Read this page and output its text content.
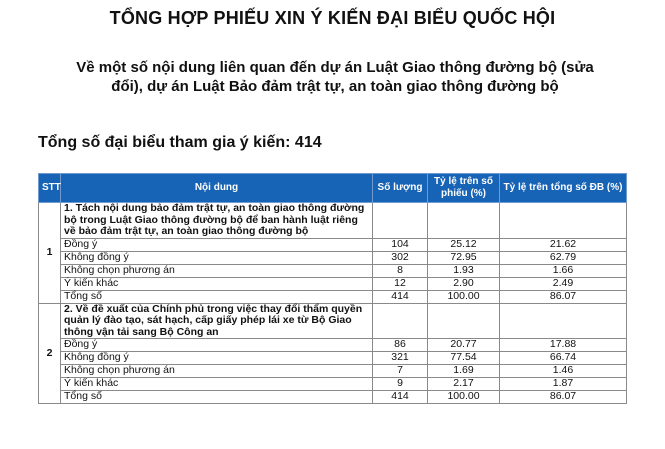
TỔNG HỢP PHIẾU XIN Ý KIẾN ĐẠI BIỂU QUỐC HỘI
Về một số nội dung liên quan đến dự án Luật Giao thông đường bộ (sửa
đổi), dự án Luật Bảo đảm trật tự, an toàn giao thông đường bộ
Tổng số đại biểu tham gia ý kiến: 414
STT	Nội dung	Số lượng	Tỷ lệ trên số phiếu (%)	Tỷ lệ trên tổng số ĐB (%)
1	1. Tách nội dung bảo đảm trật tự, an toàn giao thông đường bộ trong Luật Giao thông đường bộ để ban hành luật riêng về bảo đảm trật tự, an toàn giao thông đường bộ			
	Đồng ý	104	25.12	21.62
	Không đồng ý	302	72.95	62.79
	Không chọn phương án	8	1.93	1.66
	Ý kiến khác	12	2.90	2.49
	Tổng số	414	100.00	86.07
2	2. Về đề xuất của Chính phủ trong việc thay đổi thẩm quyền quản lý đào tạo, sát hạch, cấp giấy phép lái xe từ Bộ Giao thông vận tải sang Bộ Công an			
	Đồng ý	86	20.77	17.88
	Không đồng ý	321	77.54	66.74
	Không chọn phương án	7	1.69	1.46
	Ý kiến khác	9	2.17	1.87
	Tổng số	414	100.00	86.07
